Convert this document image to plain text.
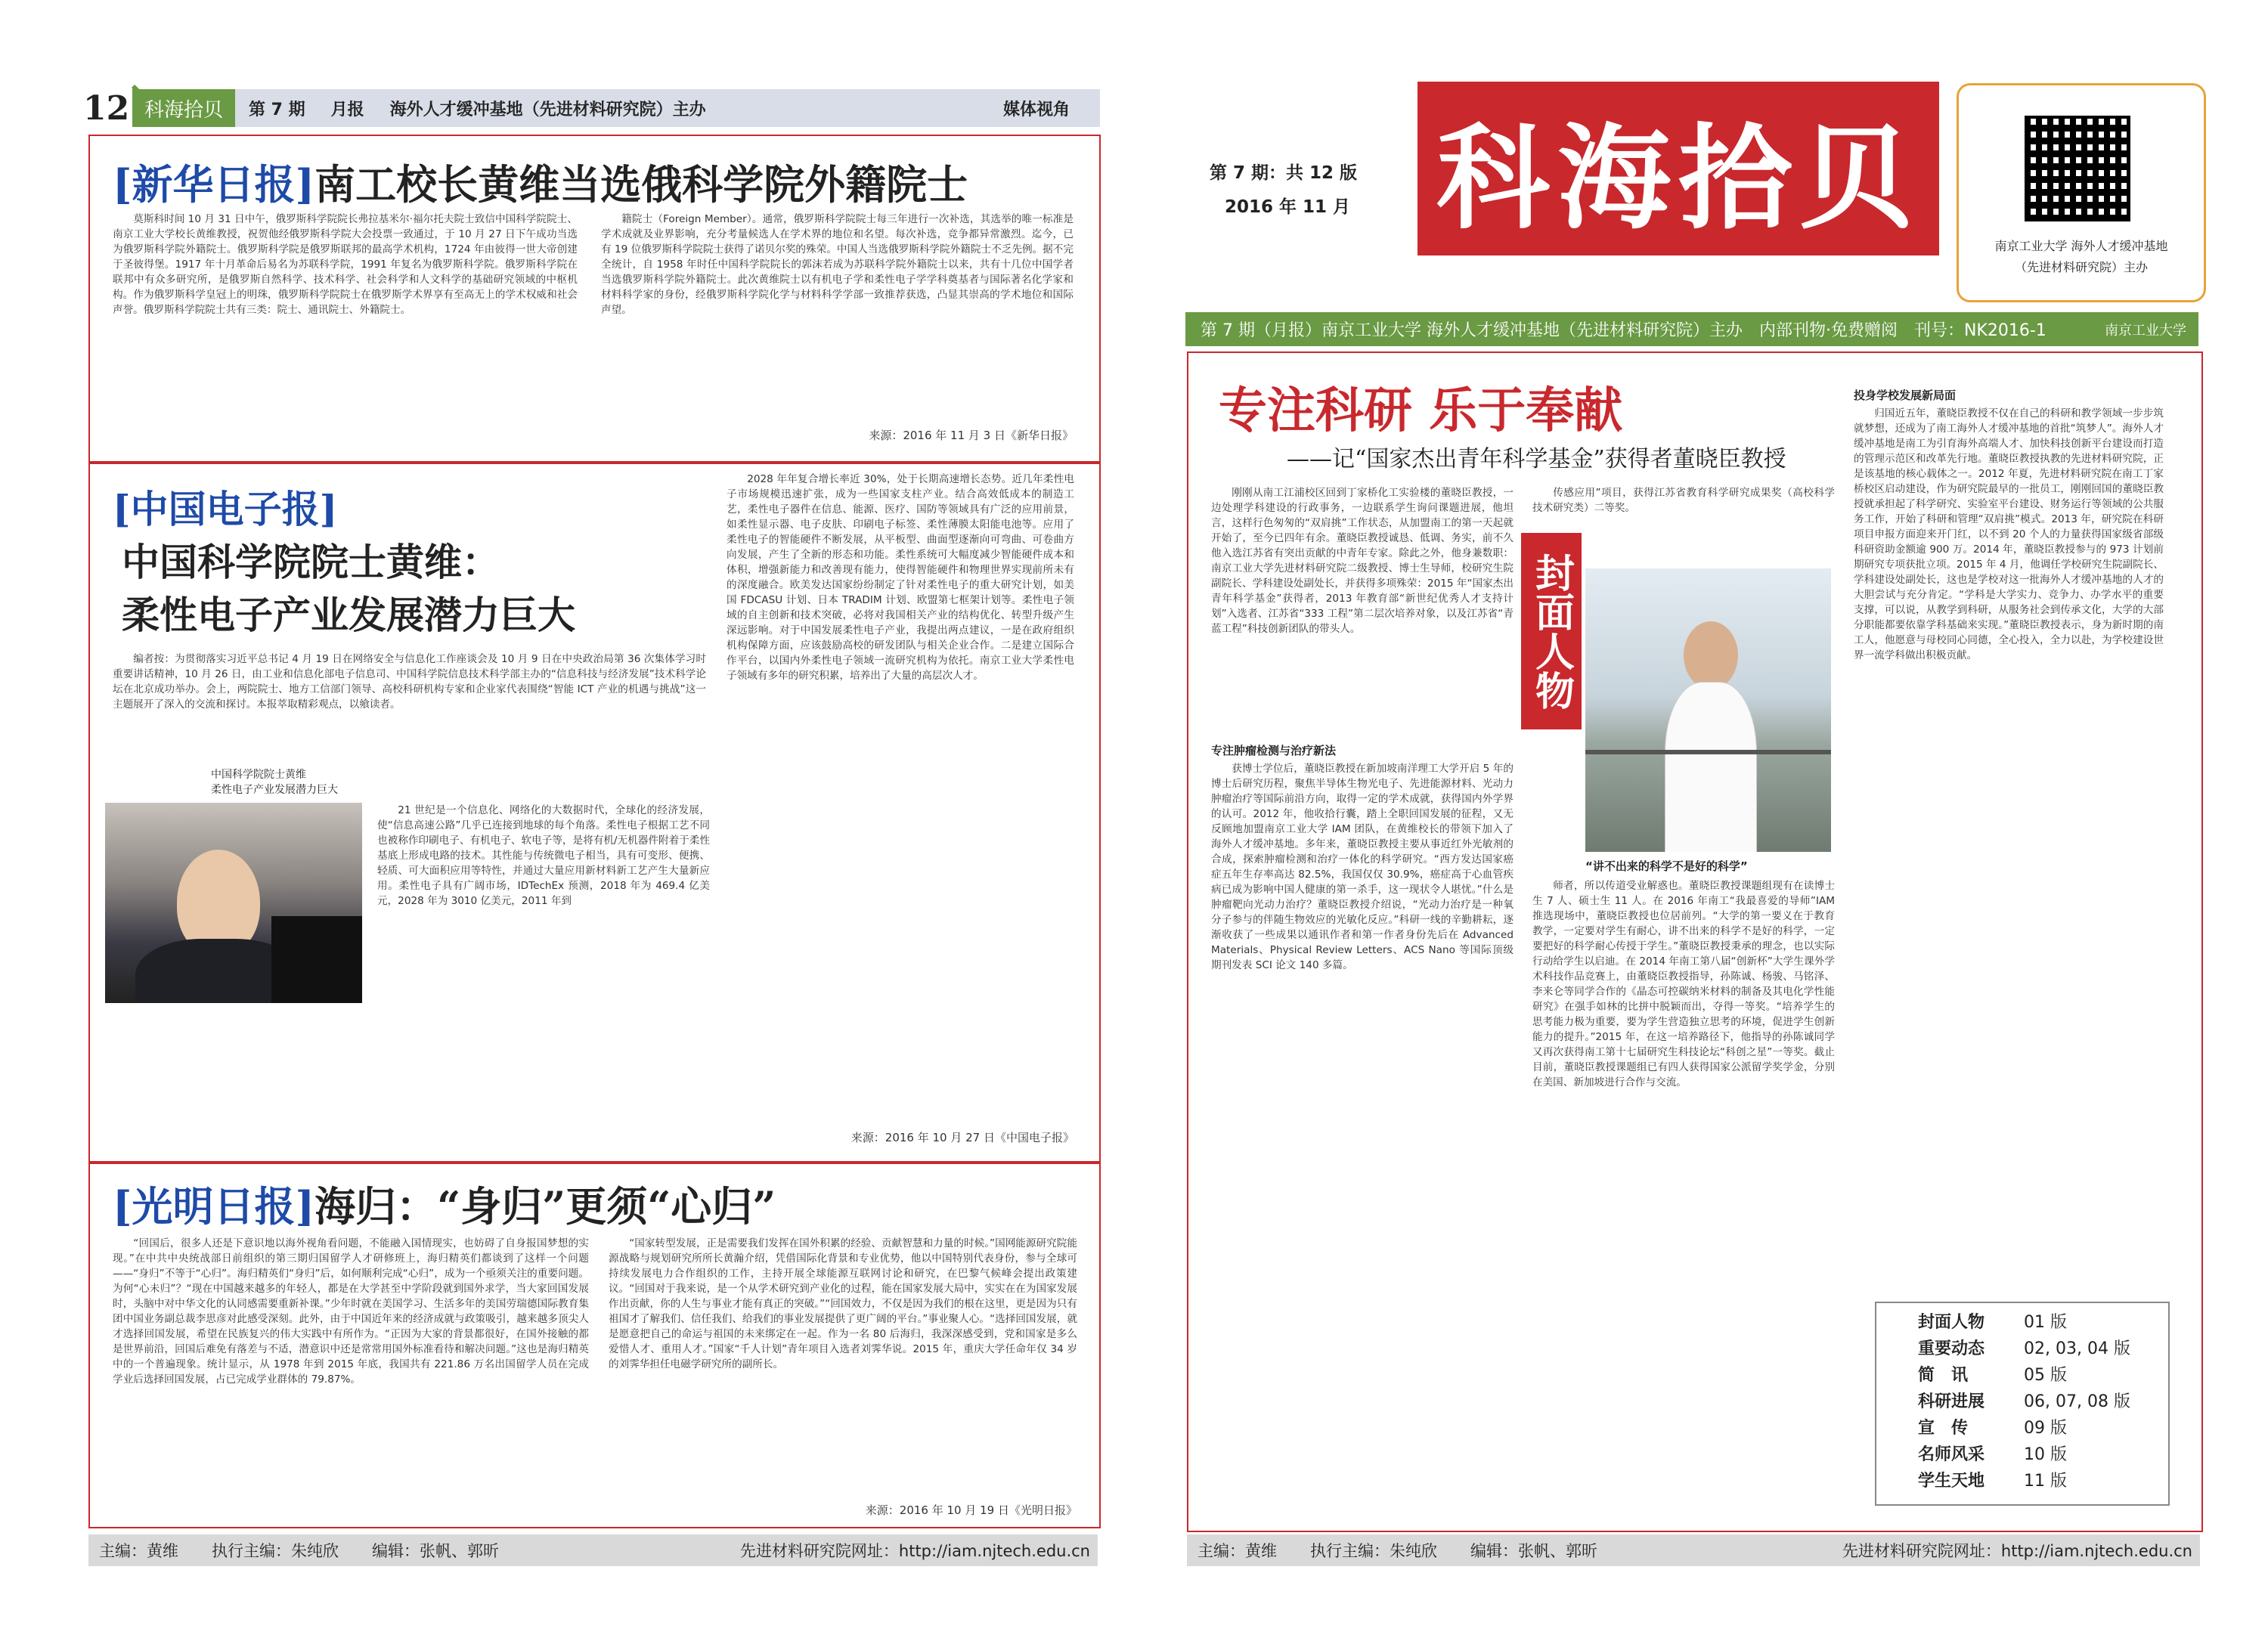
12 科海拾贝	第 7 期 月报 海外人才缓冲基地（先进材料研究院）主办	媒体视角
[新华日报]南工校长黄维当选俄科学院外籍院士
莫斯科时间 10 月 31 日中午，俄罗斯科学院院长弗拉基米尔·福尔托夫院士致信中国科学院院士、南京工业大学校长黄维教授，祝贺他经俄罗斯科学院大会投票一致通过，于 10 月 27 日下午成功当选为俄罗斯科学院外籍院士。俄罗斯科学院是俄罗斯联邦的最高学术机构，1724 年由彼得一世大帝创建于圣彼得堡。1917 年十月革命后易名为苏联科学院，1991 年复名为俄罗斯科学院。俄罗斯科学院在联邦中有众多研究所，是俄罗斯自然科学、技术科学、社会科学和人文科学的基础研究领域的中枢机构。作为俄罗斯科学皇冠上的明珠，俄罗斯科学院院士在俄罗斯学术界享有至高无上的学术权威和社会声誉。俄罗斯科学院院士共有三类：院士、通讯院士、外籍院士。
籍院士（Foreign Member）。通常，俄罗斯科学院院士每三年进行一次补选，其选举的唯一标准是学术成就及业界影响，充分考量候选人在学术界的地位和名望。每次补选，竞争都异常激烈。迄今，已有 19 位俄罗斯科学院院士获得了诺贝尔奖的殊荣。中国人当选俄罗斯科学院外籍院士不乏先例。据不完全统计，自 1958 年时任中国科学院院长的郭沫若成为苏联科学院外籍院士以来，共有十几位中国学者当选俄罗斯科学院外籍院士。此次黄维院士以有机电子学和柔性电子学学科奠基者与国际著名化学家和材料科学家的身份，经俄罗斯科学院化学与材料科学学部一致推荐获选，凸显其崇高的学术地位和国际声望。
来源：2016 年 11 月 3 日《新华日报》
[中国电子报]
中国科学院院士黄维：
柔性电子产业发展潜力巨大
编者按：为贯彻落实习近平总书记 4 月 19 日在网络安全与信息化工作座谈会及 10 月 9 日在中央政治局第 36 次集体学习时重要讲话精神，10 月 26 日，由工业和信息化部电子信息司、中国科学院信息技术科学部主办的“信息科技与经济发展”技术科学论坛在北京成功举办。会上，两院院士、地方工信部门领导、高校科研机构专家和企业家代表围绕“智能 ICT 产业的机遇与挑战”这一主题展开了深入的交流和探讨。本报萃取精彩观点，以飨读者。
中国科学院院士黄维
柔性电子产业发展潜力巨大
21 世纪是一个信息化、网络化的大数据时代，全球化的经济发展，使“信息高速公路”几乎已连接到地球的每个角落。柔性电子根据工艺不同也被称作印刷电子、有机电子、软电子等，是将有机/无机器件附着于柔性基底上形成电路的技术。其性能与传统微电子相当，具有可变形、便携、轻质、可大面积应用等特性，并通过大量应用新材料新工艺产生大量新应用。柔性电子具有广阔市场，IDTechEx 预测，2018 年为 469.4 亿美元，2028 年为 3010 亿美元，2011 年到
2028 年年复合增长率近 30%，处于长期高速增长态势。近几年柔性电子市场规模迅速扩张，成为一些国家支柱产业。结合高效低成本的制造工艺，柔性电子器件在信息、能源、医疗、国防等领域具有广泛的应用前景，如柔性显示器、电子皮肤、印刷电子标签、柔性薄膜太阳能电池等。应用了柔性电子的智能硬件不断发展，从平板型、曲面型逐渐向可弯曲、可卷曲方向发展，产生了全新的形态和功能。柔性系统可大幅度减少智能硬件成本和体积，增强新能力和改善现有能力，使得智能硬件和物理世界实现前所未有的深度融合。欧美发达国家纷纷制定了针对柔性电子的重大研究计划，如美国 FDCASU 计划、日本 TRADIM 计划、欧盟第七框架计划等。柔性电子领域的自主创新和技术突破，必将对我国相关产业的结构优化、转型升级产生深远影响。对于中国发展柔性电子产业，我提出两点建议，一是在政府组织机构保障方面，应该鼓励高校的研发团队与相关企业合作。二是建立国际合作平台，以国内外柔性电子领域一流研究机构为依托。南京工业大学柔性电子领域有多年的研究积累，培养出了大量的高层次人才。
来源：2016 年 10 月 27 日《中国电子报》
[光明日报]海归：“身归”更须“心归”
“回国后，很多人还是下意识地以海外视角看问题，不能融入国情现实，也妨碍了自身报国梦想的实现。”在中共中央统战部日前组织的第三期归国留学人才研修班上，海归精英们都谈到了这样一个问题——“身归”不等于“心归”。海归精英们“身归”后，如何顺利完成“心归”，成为一个亟须关注的重要问题。为何“心未归”？“现在中国越来越多的年轻人，都是在大学甚至中学阶段就到国外求学，当大家回国发展时，头脑中对中华文化的认同感需要重新补课。”少年时就在美国学习、生活多年的美国劳瑞德国际教育集团中国业务副总裁李思彦对此感受深刻。此外，由于中国近年来的经济成就与政策吸引，越来越多顶尖人才选择回国发展，希望在民族复兴的伟大实践中有所作为。“正因为大家的背景都很好，在国外接触的都是世界前沿，回国后难免有落差与不适，潜意识中还是常常用国外标准看待和解决问题。”这也是海归精英中的一个普遍现象。统计显示，从 1978 年到 2015 年底，我国共有 221.86 万名出国留学人员在完成学业后选择回国发展，占已完成学业群体的 79.87%。
“国家转型发展，正是需要我们发挥在国外积累的经验、贡献智慧和力量的时候。”国网能源研究院能源战略与规划研究所所长黄瀚介绍，凭借国际化背景和专业优势，他以中国特别代表身份，参与全球可持续发展电力合作组织的工作，主持开展全球能源互联网讨论和研究，在巴黎气候峰会提出政策建议。“回国对于我来说，是一个从学术研究到产业化的过程，能在国家发展大局中，实实在在为国家发展作出贡献，你的人生与事业才能有真正的突破。”“回国效力，不仅是因为我们的根在这里，更是因为只有祖国才了解我们、信任我们、给我们的事业发展提供了更广阔的平台。”事业聚人心。“选择回国发展，就是愿意把自己的命运与祖国的未来绑定在一起。作为一名 80 后海归，我深深感受到，党和国家是多么爱惜人才、重用人才。”国家“千人计划”青年项目入选者刘霁华说。2015 年，重庆大学任命年仅 34 岁的刘霁华担任电磁学研究所的副所长。
来源：2016 年 10 月 19 日《光明日报》
主编：黄维 执行主编：朱纯欣 编辑：张帆、郭昕	先进材料研究院网址：http://iam.njtech.edu.cn
第 7 期：共 12 版
2016 年 11 月 科海拾贝
南京工业大学 海外人才缓冲基地
（先进材料研究院）主办
第 7 期（月报）南京工业大学 海外人才缓冲基地（先进材料研究院）主办　内部刊物·免费赠阅　刊号：NK2016-1	南京工业大学
专注科研 乐于奉献
——记“国家杰出青年科学基金”获得者董晓臣教授
刚刚从南工江浦校区回到丁家桥化工实验楼的董晓臣教授，一边处理学科建设的行政事务，一边联系学生询问课题进展，他坦言，这样行色匆匆的“双肩挑”工作状态，从加盟南工的第一天起就开始了，至今已四年有余。董晓臣教授诚恳、低调、务实，前不久他入选江苏省有突出贡献的中青年专家。除此之外，他身兼数职：南京工业大学先进材料研究院二级教授、博士生导师，校研究生院副院长、学科建设处副处长，并获得多项殊荣：2015 年“国家杰出青年科学基金”获得者，2013 年教育部“新世纪优秀人才支持计划”入选者、江苏省“333 工程”第二层次培养对象，以及江苏省“青蓝工程”科技创新团队的带头人。
专注肿瘤检测与治疗新法
获博士学位后，董晓臣教授在新加坡南洋理工大学开启 5 年的博士后研究历程，聚焦半导体生物光电子、先进能源材料、光动力肿瘤治疗等国际前沿方向，取得一定的学术成就，获得国内外学界的认可。2012 年，他收拾行囊，踏上全职回国发展的征程，又无反顾地加盟南京工业大学 IAM 团队，在黄维校长的带领下加入了海外人才缓冲基地。多年来，董晓臣教授主要从事近红外光敏剂的合成，探索肿瘤检测和治疗一体化的科学研究。“西方发达国家癌症五年生存率高达 82.5%，我国仅仅 30.9%，癌症高于心血管疾病已成为影响中国人健康的第一杀手，这一现状令人堪忧。”什么是肿瘤靶向光动力治疗？董晓臣教授介绍说，“光动力治疗是一种氧分子参与的伴随生物效应的光敏化反应。”科研一线的辛勤耕耘，逐渐收获了一些成果以通讯作者和第一作者身份先后在 Advanced Materials、Physical Review Letters、ACS Nano 等国际顶级期刊发表 SCI 论文 140 多篇。
传感应用”项目，获得江苏省教育科学研究成果奖（高校科学技术研究类）二等奖。
封面人物
“讲不出来的科学不是好的科学”
师者，所以传道受业解惑也。董晓臣教授课题组现有在读博士生 7 人、硕士生 11 人。在 2016 年南工“我最喜爱的导师”IAM 推选现场中，董晓臣教授也位居前列。“大学的第一要义在于教育教学，一定要对学生有耐心，讲不出来的科学不是好的科学，一定要把好的科学耐心传授于学生。”董晓臣教授秉承的理念，也以实际行动给学生以启迪。在 2014 年南工第八届“创新杯”大学生课外学术科技作品竞赛上，由董晓臣教授指导，孙陈诚、杨骏、马铭泽、李来仑等同学合作的《晶态可控碳纳米材料的制备及其电化学性能研究》在强手如林的比拼中脱颖而出，夺得一等奖。“培养学生的思考能力极为重要，要为学生营造独立思考的环境，促进学生创新能力的提升。”2015 年，在这一培养路径下，他指导的孙陈诚同学又再次获得南工第十七届研究生科技论坛“科创之星”一等奖。截止目前，董晓臣教授课题组已有四人获得国家公派留学奖学金，分别在美国、新加坡进行合作与交流。
投身学校发展新局面
归国近五年，董晓臣教授不仅在自己的科研和教学领域一步步筑就梦想，还成为了南工海外人才缓冲基地的首批“筑梦人”。海外人才缓冲基地是南工为引育海外高端人才、加快科技创新平台建设而打造的管理示范区和改革先行地。董晓臣教授执教的先进材料研究院，正是该基地的核心载体之一。2012 年夏，先进材料研究院在南工丁家桥校区启动建设，作为研究院最早的一批员工，刚刚回国的董晓臣教授就承担起了科学研究、实验室平台建设、财务运行等领域的公共服务工作，开始了科研和管理“双肩挑”模式。2013 年，研究院在科研项目申报方面迎来开门红，以不到 20 个人的力量获得国家级省部级科研资助金额逾 900 万。2014 年，董晓臣教授参与的 973 计划前期研究专项获批立项。2015 年 4 月，他调任学校研究生院副院长、学科建设处副处长，这也是学校对这一批海外人才缓冲基地的人才的大胆尝试与充分肯定。“学科是大学实力、竞争力、办学水平的重要支撑，可以说，从教学到科研，从服务社会到传承文化，大学的大部分职能都要依靠学科基础来实现。”董晓臣教授表示，身为新时期的南工人，他愿意与母校同心同德，全心投入，全力以赴，为学校建设世界一流学科做出积极贡献。
封面人物	01 版
重要动态	02, 03, 04 版
简　讯	05 版
科研进展	06, 07, 08 版
宣　传	09 版
名师风采	10 版
学生天地	11 版
主编：黄维 执行主编：朱纯欣 编辑：张帆、郭昕	先进材料研究院网址：http://iam.njtech.edu.cn
